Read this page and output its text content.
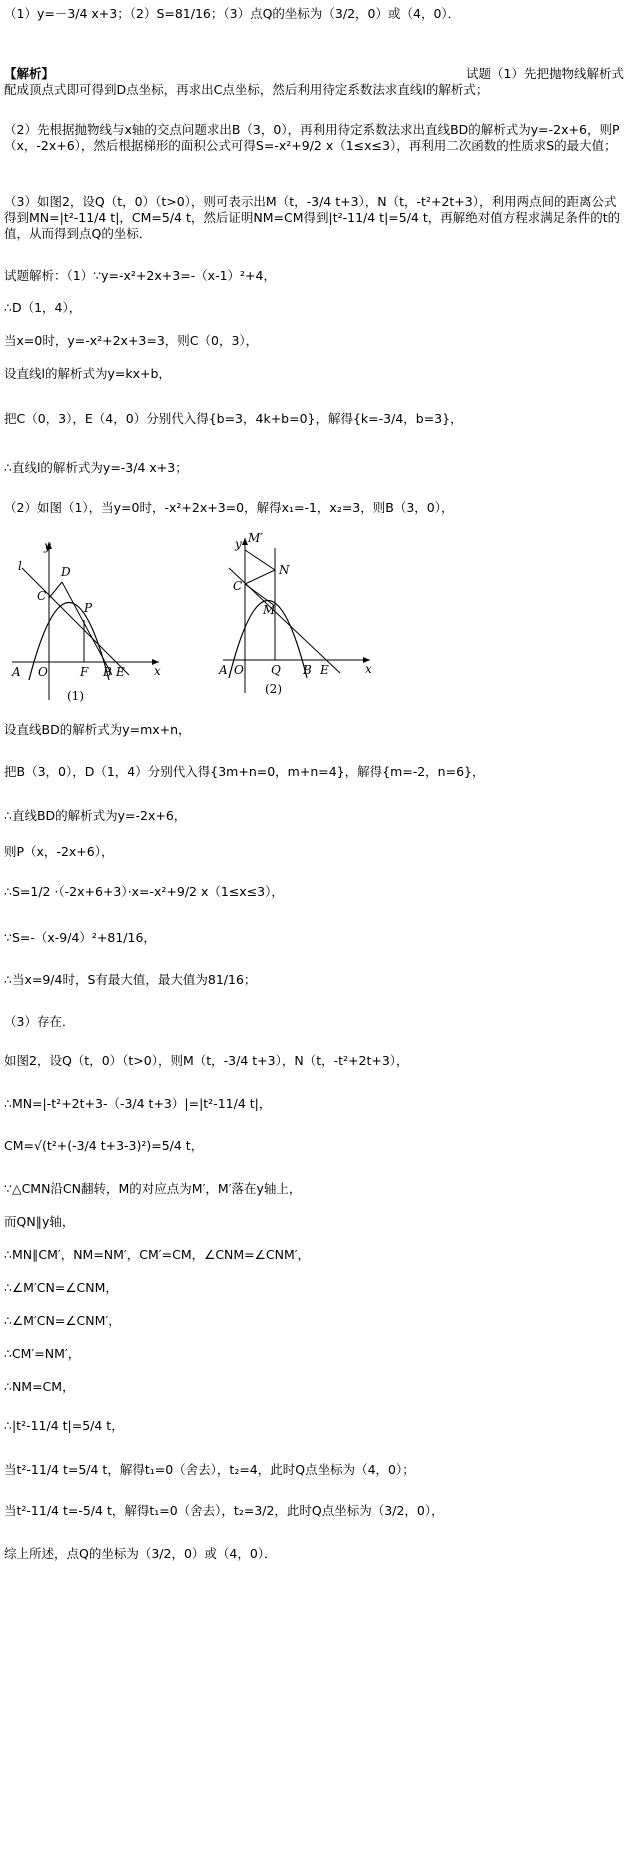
（1）y=－3/4 x+3；（2）S=81/16；（3）点Q的坐标为（3/2，0）或（4，0）．
【解析】	试题（1）先把抛物线解析式配成顶点式即可得到D点坐标，再求出C点坐标，然后利用待定系数法求直线l的解析式；
（2）先根据抛物线与x轴的交点问题求出B（3，0），再利用待定系数法求出直线BD的解析式为y=-2x+6，则P（x，-2x+6），然后根据梯形的面积公式可得S=-x²+9/2 x（1≤x≤3），再利用二次函数的性质求S的最大值；
（3）如图2，设Q（t，0）（t>0），则可表示出M（t，-3/4 t+3），N（t，-t²+2t+3），利用两点间的距离公式得到MN=|t²-11/4 t|，CM=5/4 t，然后证明NM=CM得到|t²-11/4 t|=5/4 t，再解绝对值方程求满足条件的t的值，从而得到点Q的坐标．
试题解析：（1）∵y=-x²+2x+3=-（x-1）²+4，
∴D（1，4），
当x=0时，y=-x²+2x+3=3，则C（0，3），
设直线l的解析式为y=kx+b，
把C（0，3），E（4，0）分别代入得{b=3，4k+b=0}，解得{k=-3/4，b=3}，
∴直线l的解析式为y=-3/4 x+3；
（2）如图（1），当y=0时，-x²+2x+3=0，解得x₁=-1，x₂=3，则B（3，0），
y
x
l	D
C
P
A O	F B E
(1)
y M′
x
N
C
M
A O Q B E
(2)
设直线BD的解析式为y=mx+n，
把B（3，0），D（1，4）分别代入得{3m+n=0，m+n=4}，解得{m=-2，n=6}，
∴直线BD的解析式为y=-2x+6，
则P（x，-2x+6），
∴S=1/2 ·（-2x+6+3）·x=-x²+9/2 x（1≤x≤3），
∵S=-（x-9/4）²+81/16，
∴当x=9/4时，S有最大值，最大值为81/16；
（3）存在．
如图2，设Q（t，0）（t>0），则M（t，-3/4 t+3），N（t，-t²+2t+3），
∴MN=|-t²+2t+3-（-3/4 t+3）|=|t²-11/4 t|，
CM=√(t²+(-3/4 t+3-3)²)=5/4 t，
∵△CMN沿CN翻转，M的对应点为M′，M′落在y轴上，
而QN∥y轴，
∴MN∥CM′，NM=NM′，CM′=CM，∠CNM=∠CNM′，
∴∠M′CN=∠CNM，
∴∠M′CN=∠CNM′，
∴CM′=NM′，
∴NM=CM，
∴|t²-11/4 t|=5/4 t，
当t²-11/4 t=5/4 t，解得t₁=0（舍去），t₂=4，此时Q点坐标为（4，0）；
当t²-11/4 t=-5/4 t，解得t₁=0（舍去），t₂=3/2，此时Q点坐标为（3/2，0），
综上所述，点Q的坐标为（3/2，0）或（4，0）．
